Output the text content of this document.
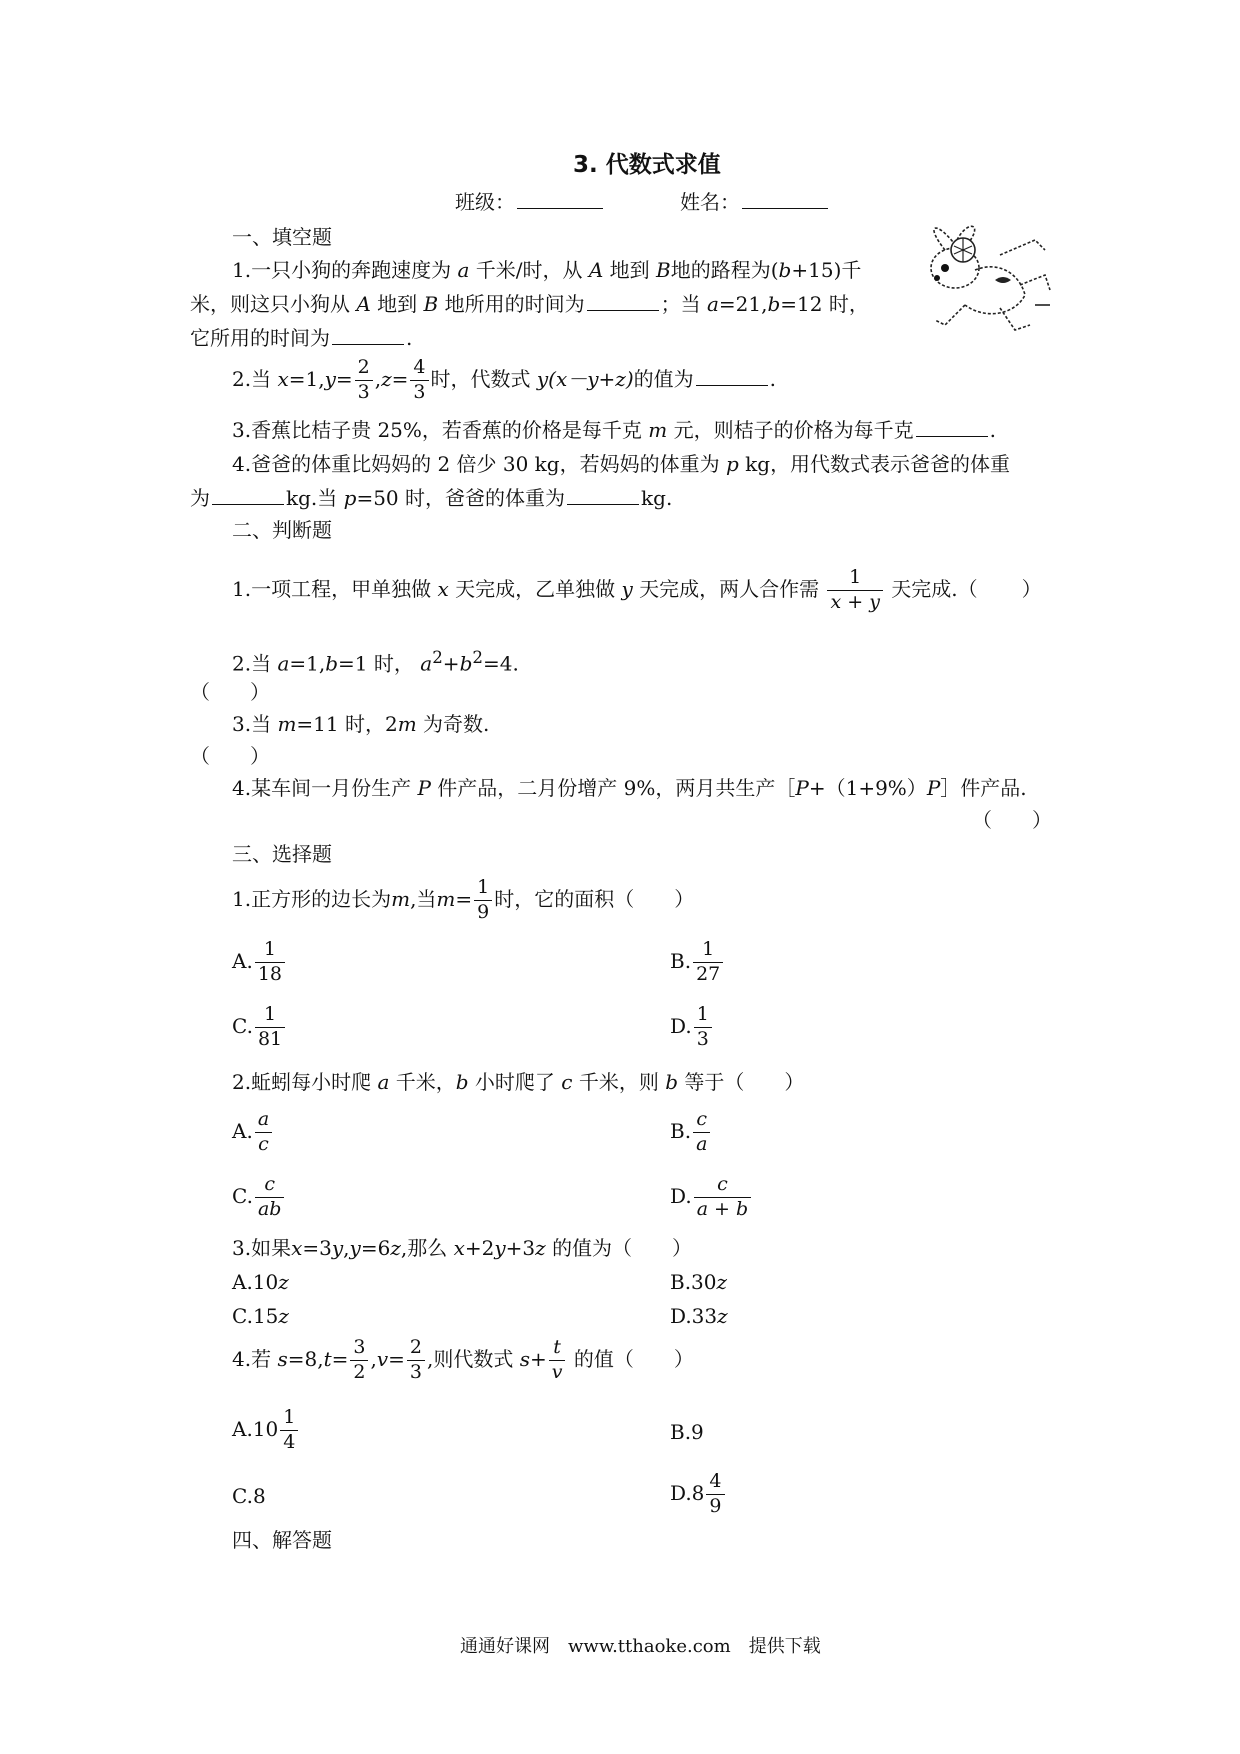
3. 代数式求值
班级：	姓名：
一、填空题
1.一只小狗的奔跑速度为 a 千米/时，从 A 地到 B地的路程为(b+15)千
米，则这只小狗从 A 地到 B 地所用的时间为	；当 a=21,b=12 时，
它所用的时间为	.
2.当 $x=1,y= \frac{2}{3} ,z= \frac{4}{3}$ 时，代数式 y(x－y+z)的值为	.
3.香蕉比桔子贵 25%，若香蕉的价格是每千克 m 元，则桔子的价格为每千克	.
4.爸爸的体重比妈妈的 2 倍少 30 kg，若妈妈的体重为 p kg，用代数式表示爸爸的体重
为	kg.当 p=50 时，爸爸的体重为	kg.
二、判断题
1.一项工程，甲单独做 x 天完成，乙单独做 y 天完成，两人合作需 $\frac{1}{x + y}$ 天完成.（ ）
2.当 a=1,b=1 时， $a^2+b^2=4$.
（　　）
3.当 m=11 时，2m 为奇数.
（　　）
4.某车间一月份生产 P 件产品，二月份增产 9%，两月共生产［P+（1+9%）P］件产品.
（　　）
三、选择题
1.正方形的边长为m,当$m= \frac{1}{9}$ 时，它的面积（　　）
A. $\frac{1}{18}$	B. $\frac{1}{27}$
C. $\frac{1}{81}$	D. $\frac{1}{3}$
2.蚯蚓每小时爬 a 千米，b 小时爬了 c 千米，则 b 等于（　　）
A. $\frac{a}{c}$	B. $\frac{c}{a}$
C. $\frac{c}{ab}$	D. $\frac{c}{a + b}$
3.如果x=3y,y=6z,那么 x+2y+3z 的值为（　　）
A.10z	B.30z
C.15z	D.33z
4.若 $s=8,t= \frac{3}{2} ,v= \frac{2}{3}$ ,则代数式 $s+ \frac{t}{v}$ 的值（　　）
$A.10 \frac{1}{4}$	B.9
C.8	$D.8 \frac{4}{9}$
四、解答题
通通好课网　www.tthaoke.com　提供下载
